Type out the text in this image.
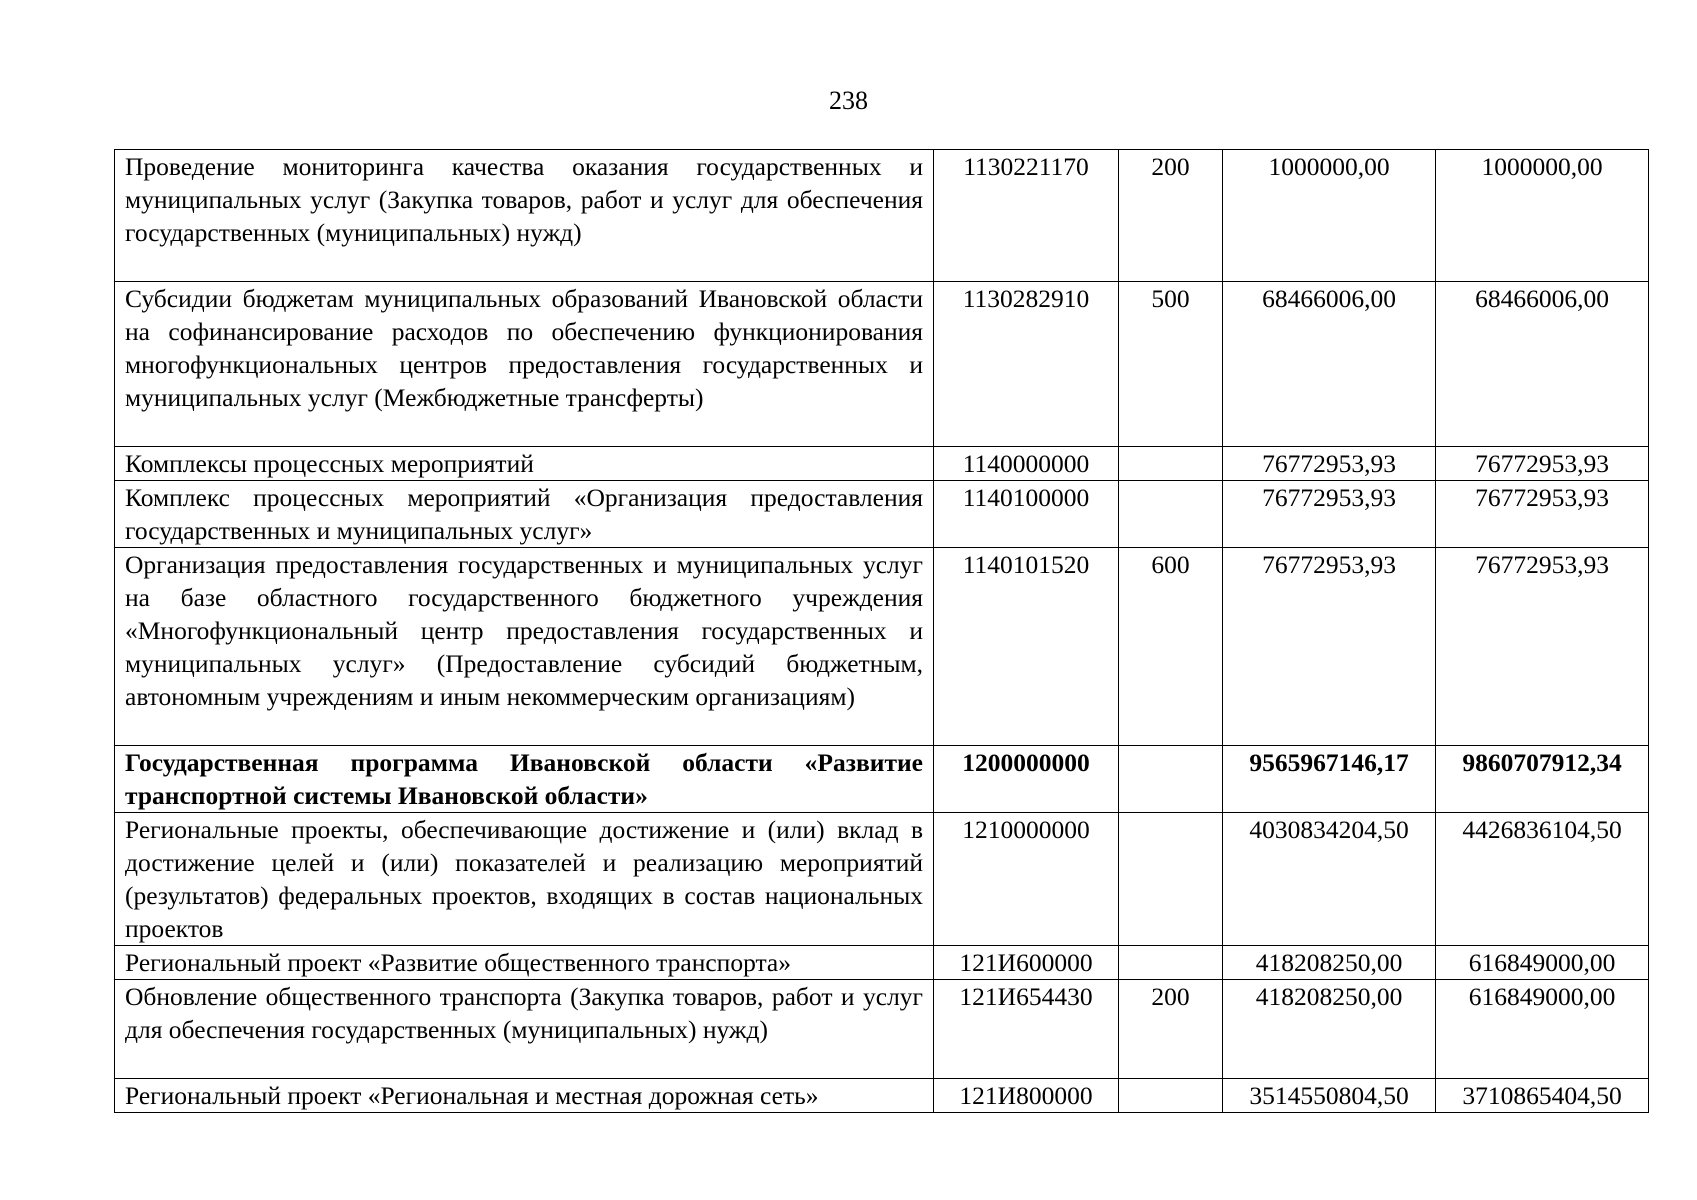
238
Проведение мониторинга качества оказания государственных и муниципальных услуг (Закупка товаров, работ и услуг для обеспечения государственных (муниципальных) нужд)	1130221170	200	1000000,00	1000000,00
Субсидии бюджетам муниципальных образований Ивановской области на софинансирование расходов по обеспечению функционирования многофункциональных центров предоставления государственных и муниципальных услуг (Межбюджетные трансферты)	1130282910	500	68466006,00	68466006,00
Комплексы процессных мероприятий	1140000000		76772953,93	76772953,93
Комплекс процессных мероприятий «Организация предоставления государственных и муниципальных услуг»	1140100000		76772953,93	76772953,93
Организация предоставления государственных и муниципальных услуг на базе областного государственного бюджетного учреждения «Многофункциональный центр предоставления государственных и муниципальных услуг» (Предоставление субсидий бюджетным, автономным учреждениям и иным некоммерческим организациям)	1140101520	600	76772953,93	76772953,93
Государственная программа Ивановской области «Развитие транспортной системы Ивановской области»	1200000000		9565967146,17	9860707912,34
Региональные проекты, обеспечивающие достижение и (или) вклад в достижение целей и (или) показателей и реализацию мероприятий (результатов) федеральных проектов, входящих в состав национальных проектов	1210000000		4030834204,50	4426836104,50
Региональный проект «Развитие общественного транспорта»	121И600000		418208250,00	616849000,00
Обновление общественного транспорта (Закупка товаров, работ и услуг для обеспечения государственных (муниципальных) нужд)	121И654430	200	418208250,00	616849000,00
Региональный проект «Региональная и местная дорожная сеть»	121И800000		3514550804,50	3710865404,50
